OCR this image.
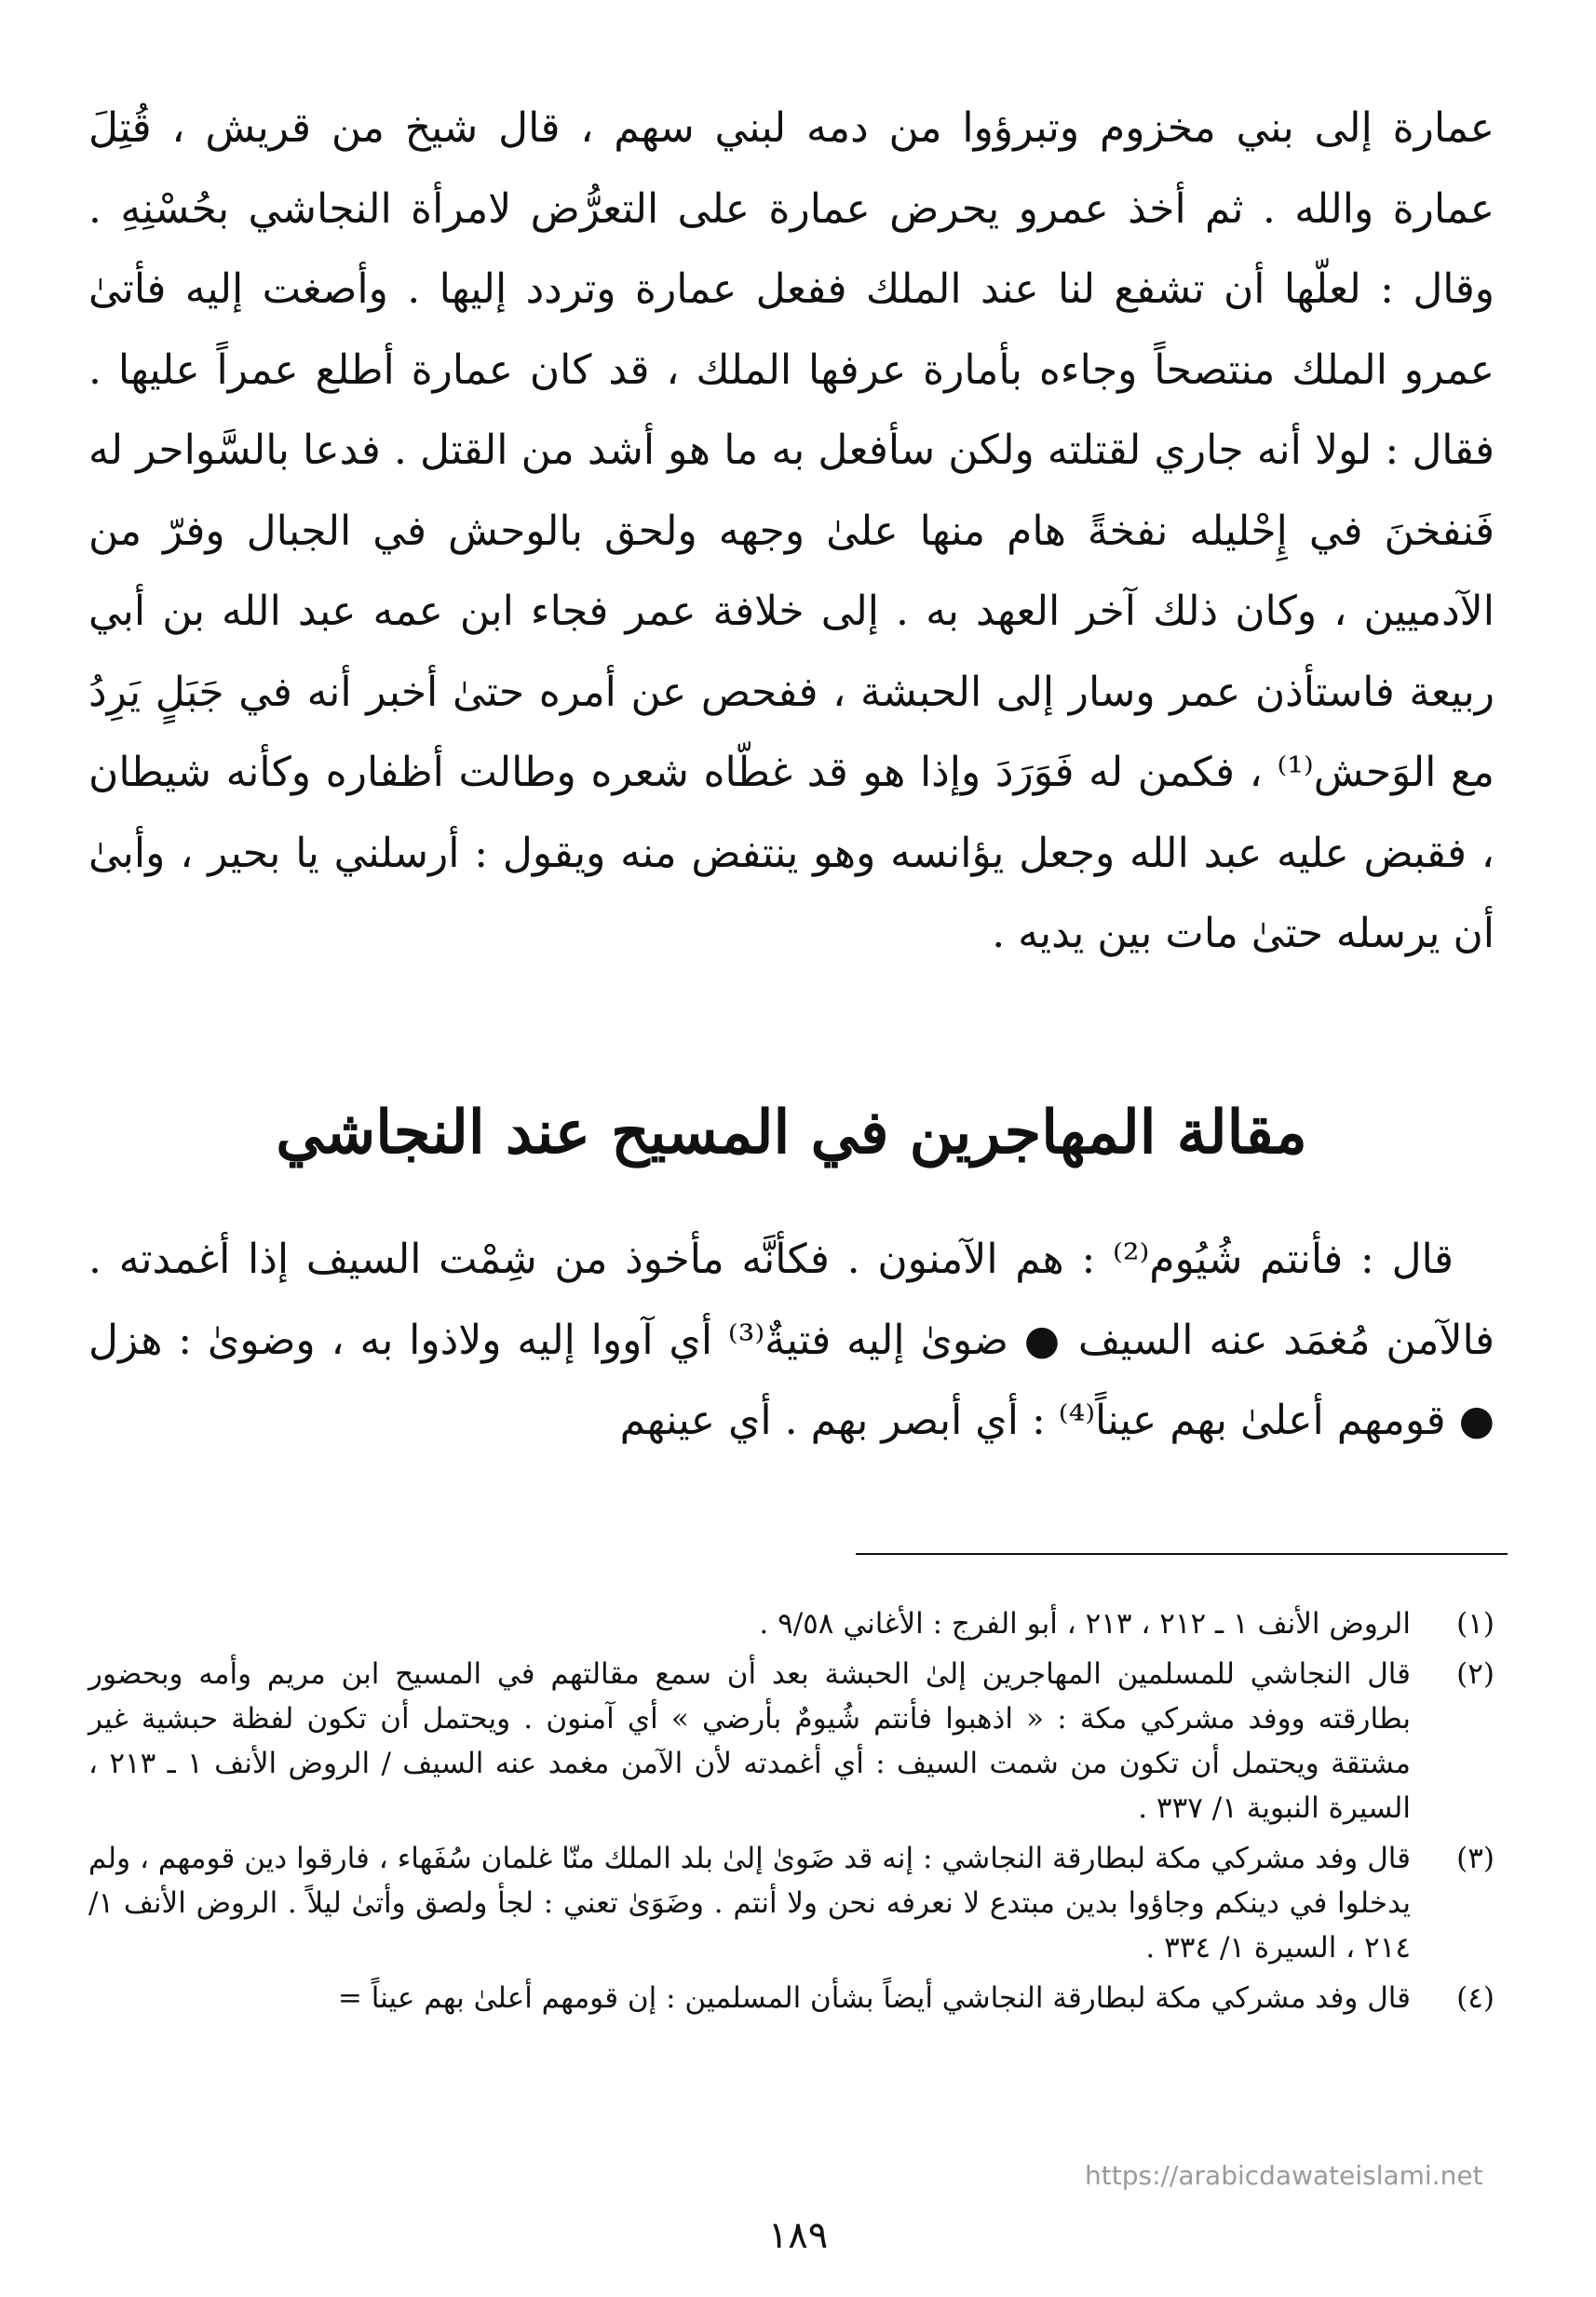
عمارة إلى بني مخزوم وتبرؤوا من دمه لبني سهم ، قال شيخ من قريش ، قُتِلَ عمارة والله . ثم أخذ عمرو يحرض عمارة على التعرُّض لامرأة النجاشي بحُسْنِهِ . وقال : لعلّها أن تشفع لنا عند الملك ففعل عمارة وتردد إليها . وأصغت إليه فأتىٰ عمرو الملك منتصحاً وجاءه بأمارة عرفها الملك ، قد كان عمارة أطلع عمراً عليها . فقال : لولا أنه جاري لقتلته ولكن سأفعل به ما هو أشد من القتل . فدعا بالسَّواحر له فَنفخنَ في إِحْليله نفخةً هام منها علىٰ وجهه ولحق بالوحش في الجبال وفرّ من الآدميين ، وكان ذلك آخر العهد به . إلى خلافة عمر فجاء ابن عمه عبد الله بن أبي ربيعة فاستأذن عمر وسار إلى الحبشة ، ففحص عن أمره حتىٰ أخبر أنه في جَبَلٍ يَرِدُ مع الوَحش⁽¹⁾ ، فكمن له فَوَرَدَ وإذا هو قد غطّاه شعره وطالت أظفاره وكأنه شيطان ، فقبض عليه عبد الله وجعل يؤانسه وهو ينتفض منه ويقول : أرسلني يا بحير ، وأبىٰ أن يرسله حتىٰ مات بين يديه .

مقالة المهاجرين في المسيح عند النجاشي

قال : فأنتم شُيُوم⁽²⁾ : هم الآمنون . فكأنَّه مأخوذ من شِمْت السيف إذا أغمدته . فالآمن مُغمَد عنه السيف ● ضوىٰ إليه فتيةٌ⁽³⁾ أي آووا إليه ولاذوا به ، وضوىٰ : هزل ● قومهم أعلىٰ بهم عيناً⁽⁴⁾ : أي أبصر بهم . أي عينهم

(١)
الروض الأنف ١ ـ ٢١٢ ، ٢١٣ ، أبو الفرج : الأغاني ٩/٥٨ .
(٢)
قال النجاشي للمسلمين المهاجرين إلىٰ الحبشة بعد أن سمع مقالتهم في المسيح ابن مريم وأمه وبحضور بطارقته ووفد مشركي مكة : « اذهبوا فأنتم شُيومٌ بأرضي » أي آمنون . ويحتمل أن تكون لفظة حبشية غير مشتقة ويحتمل أن تكون من شمت السيف : أي أغمدته لأن الآمن مغمد عنه السيف / الروض الأنف ١ ـ ٢١٣ ، السيرة النبوية ١/ ٣٣٧ .
(٣)
قال وفد مشركي مكة لبطارقة النجاشي : إنه قد ضَوىٰ إلىٰ بلد الملك منّا غلمان سُفَهاء ، فارقوا دين قومهم ، ولم يدخلوا في دينكم وجاؤوا بدين مبتدع لا نعرفه نحن ولا أنتم . وضَوَىٰ تعني : لجأ ولصق وأتىٰ ليلاً . الروض الأنف ١/ ٢١٤ ، السيرة ١/ ٣٣٤ .
(٤)
قال وفد مشركي مكة لبطارقة النجاشي أيضاً بشأن المسلمين : إن قومهم أعلىٰ بهم عيناً =
https://arabicdawateislami.net
١٨٩
